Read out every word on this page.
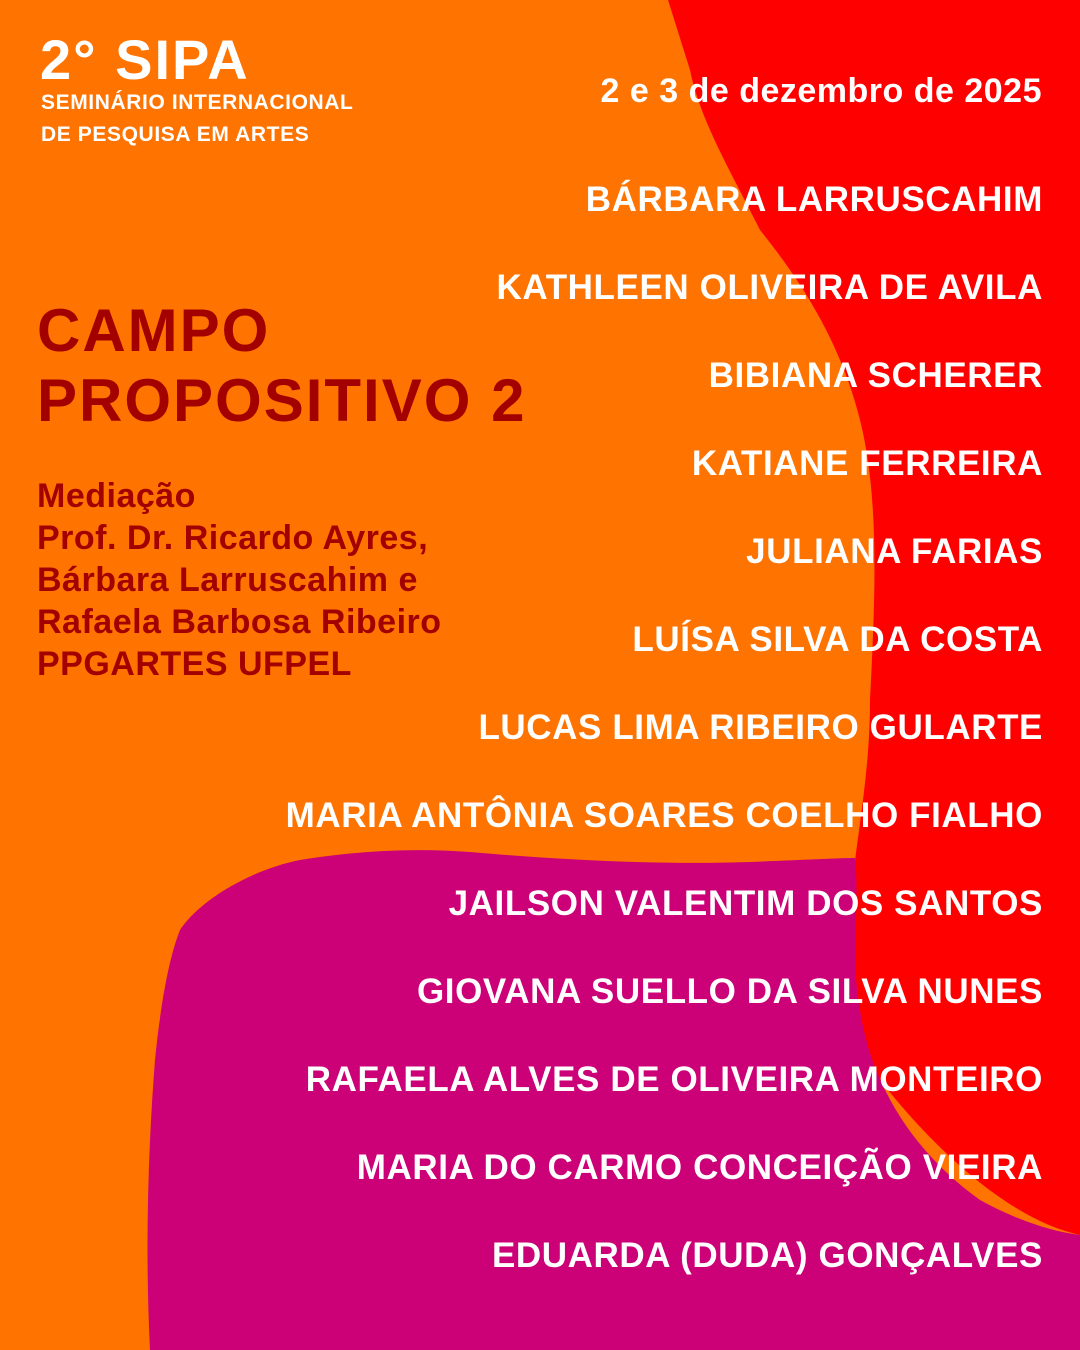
2° SIPA
SEMINÁRIO INTERNACIONAL
DE PESQUISA EM ARTES
2 e 3 de dezembro de 2025
CAMPO
PROPOSITIVO 2
Mediação
Prof. Dr. Ricardo Ayres,
Bárbara Larruscahim e
Rafaela Barbosa Ribeiro
PPGARTES UFPEL
BÁRBARA LARRUSCAHIM
KATHLEEN OLIVEIRA DE AVILA
BIBIANA SCHERER
KATIANE FERREIRA
JULIANA FARIAS
LUÍSA SILVA DA COSTA
LUCAS LIMA RIBEIRO GULARTE
MARIA ANTÔNIA SOARES COELHO FIALHO
JAILSON VALENTIM DOS SANTOS
GIOVANA SUELLO DA SILVA NUNES
RAFAELA ALVES DE OLIVEIRA MONTEIRO
MARIA DO CARMO CONCEIÇÃO VIEIRA
EDUARDA (DUDA) GONÇALVES
